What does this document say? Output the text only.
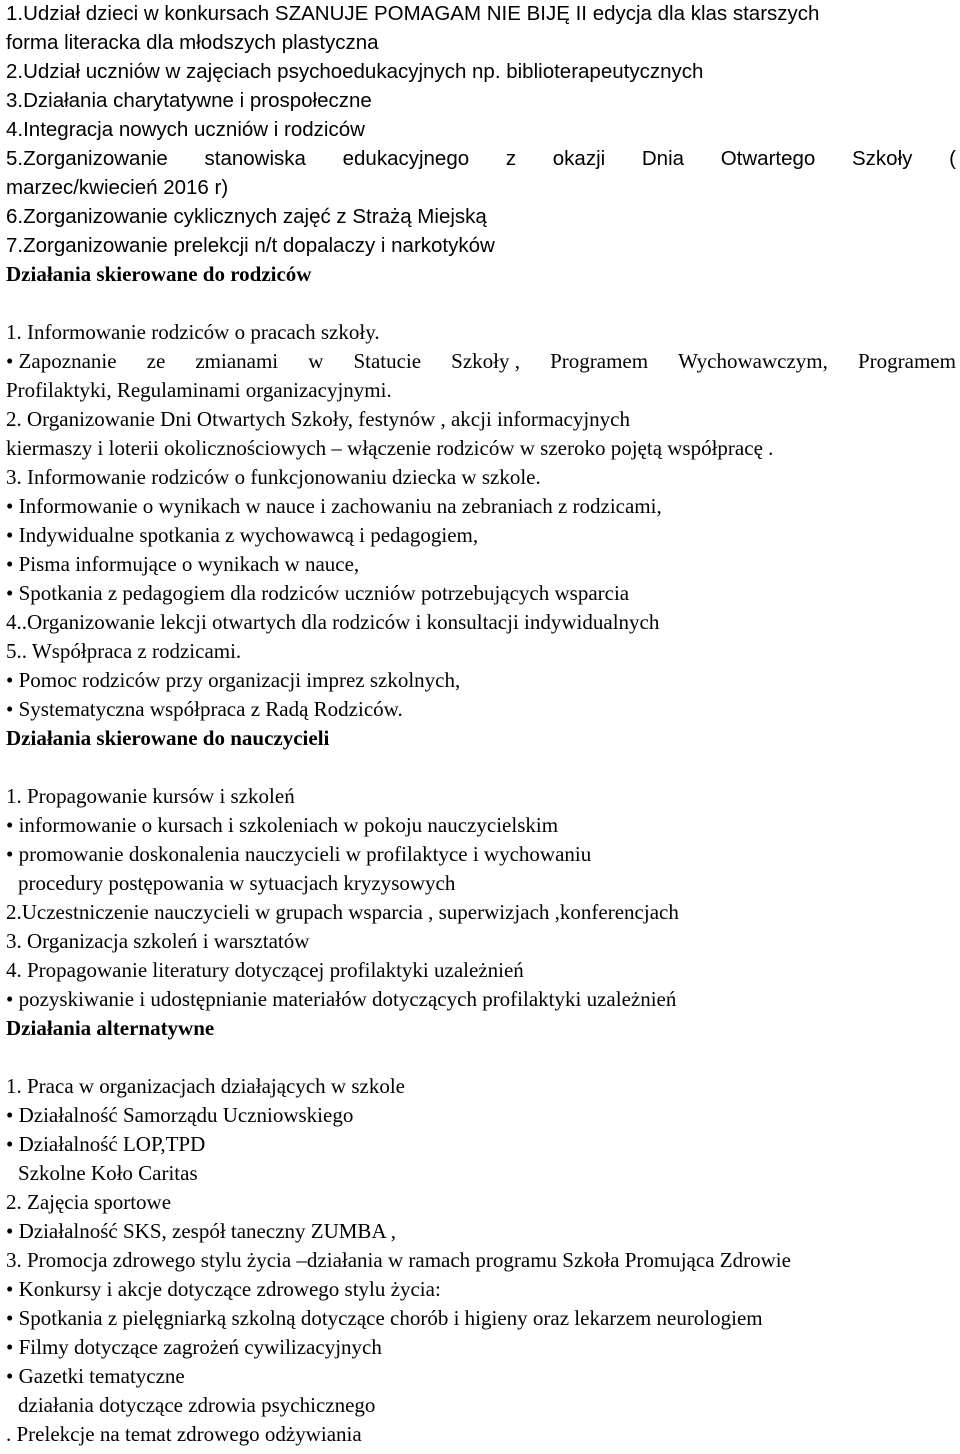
1.Udział dzieci w konkursach SZANUJE POMAGAM NIE BIJĘ II edycja dla klas starszych
forma literacka dla młodszych plastyczna
2.Udział uczniów w zajęciach psychoedukacyjnych np. biblioterapeutycznych
3.Działania charytatywne i prospołeczne
4.Integracja nowych uczniów i rodziców
5.Zorganizowanie stanowiska edukacyjnego z okazji Dnia Otwartego Szkoły (
marzec/kwiecień 2016 r)
6.Zorganizowanie cyklicznych zajęć z Strażą Miejską
7.Zorganizowanie prelekcji n/t dopalaczy i narkotyków
Działania skierowane do rodziców
1. Informowanie rodziców o pracach szkoły.
• Zapoznanie ze zmianami w Statucie Szkoły , Programem Wychowawczym, Programem
Profilaktyki, Regulaminami organizacyjnymi.
2. Organizowanie Dni Otwartych Szkoły, festynów , akcji informacyjnych
kiermaszy i loterii okolicznościowych – włączenie rodziców w szeroko pojętą współpracę .
3. Informowanie rodziców o funkcjonowaniu dziecka w szkole.
• Informowanie o wynikach w nauce i zachowaniu na zebraniach z rodzicami,
• Indywidualne spotkania z wychowawcą i pedagogiem,
• Pisma informujące o wynikach w nauce,
• Spotkania z pedagogiem dla rodziców uczniów potrzebujących wsparcia
4..Organizowanie lekcji otwartych dla rodziców i konsultacji indywidualnych
5.. Współpraca z rodzicami.
• Pomoc rodziców przy organizacji imprez szkolnych,
• Systematyczna współpraca z Radą Rodziców.
Działania skierowane do nauczycieli
1. Propagowanie kursów i szkoleń
• informowanie o kursach i szkoleniach w pokoju nauczycielskim
• promowanie doskonalenia nauczycieli w profilaktyce i wychowaniu
procedury postępowania w sytuacjach kryzysowych
2.Uczestniczenie nauczycieli w grupach wsparcia , superwizjach ,konferencjach
3. Organizacja szkoleń i warsztatów
4. Propagowanie literatury dotyczącej profilaktyki uzależnień
• pozyskiwanie i udostępnianie materiałów dotyczących profilaktyki uzależnień
Działania alternatywne
1. Praca w organizacjach działających w szkole
• Działalność Samorządu Uczniowskiego
• Działalność LOP,TPD
Szkolne Koło Caritas
2. Zajęcia sportowe
• Działalność SKS, zespół taneczny ZUMBA ,
3. Promocja zdrowego stylu życia –działania w ramach programu Szkoła Promująca Zdrowie
• Konkursy i akcje dotyczące zdrowego stylu życia:
• Spotkania z pielęgniarką szkolną dotyczące chorób i higieny oraz lekarzem neurologiem
• Filmy dotyczące zagrożeń cywilizacyjnych
• Gazetki tematyczne
działania dotyczące zdrowia psychicznego
. Prelekcje na temat zdrowego odżywiania
